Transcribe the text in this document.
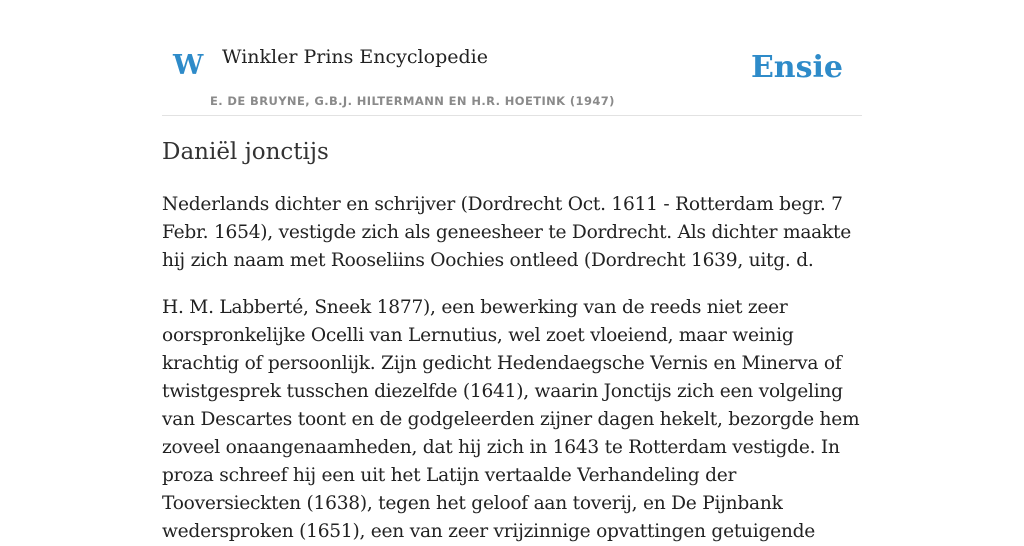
W Winkler Prins Encyclopedie
E. DE BRUYNE, G.B.J. HILTERMANN EN H.R. HOETINK (1947)
Ensie
Daniël jonctijs

Nederlands dichter en schrijver (Dordrecht Oct. 1611 - Rotterdam begr. 7 Febr. 1654), vestigde zich als geneesheer te Dordrecht. Als dichter maakte hij zich naam met Rooseliins Oochies ontleed (Dordrecht 1639, uitg. d.

H. M. Labberté, Sneek 1877), een bewerking van de reeds niet zeer oorspronkelijke Ocelli van Lernutius, wel zoet vloeiend, maar weinig krachtig of persoonlijk. Zijn gedicht Hedendaegsche Vernis en Minerva of twistgesprek tusschen diezelfde (1641), waarin Jonctijs zich een volgeling van Descartes toont en de godgeleerden zijner dagen hekelt, bezorgde hem zoveel onaangenaamheden, dat hij zich in 1643 te Rotterdam vestigde. In proza schreef hij een uit het Latijn vertaalde Verhandeling der Tooversieckten (1638), tegen het geloof aan toverij, en De Pijnbank wedersproken (1651), een van zeer vrijzinnige opvattingen getuigende
